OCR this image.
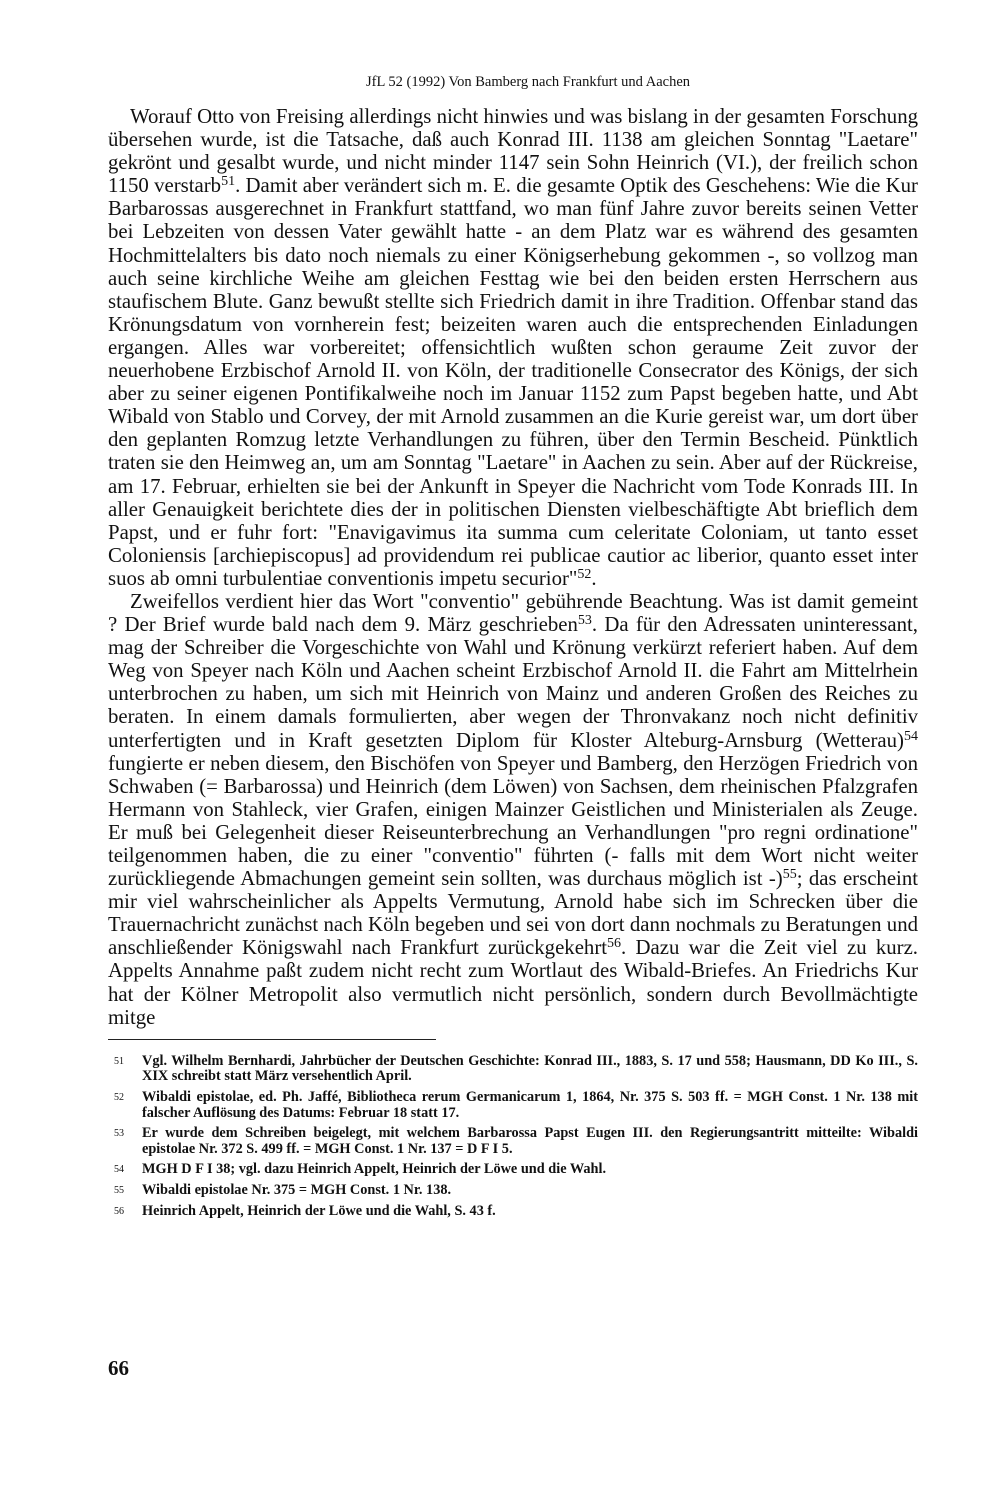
JfL 52 (1992) Von Bamberg nach Frankfurt und Aachen

Worauf Otto von Freising allerdings nicht hinwies und was bislang in der gesamten Forschung übersehen wurde, ist die Tatsache, daß auch Konrad III. 1138 am gleichen Sonntag "Laetare" gekrönt und gesalbt wurde, und nicht minder 1147 sein Sohn Heinrich (VI.), der freilich schon 1150 verstarb$^{51}$. Damit aber verändert sich m. E. die gesamte Optik des Geschehens: Wie die Kur Barbarossas ausgerechnet in Frankfurt stattfand, wo man fünf Jahre zuvor bereits seinen Vetter bei Lebzeiten von dessen Vater gewählt hatte - an dem Platz war es während des gesamten Hochmittelalters bis dato noch niemals zu einer Königserhebung gekommen -, so vollzog man auch seine kirchliche Weihe am gleichen Festtag wie bei den beiden ersten Herrschern aus staufischem Blute. Ganz bewußt stellte sich Friedrich damit in ihre Tradition. Offenbar stand das Krönungsdatum von vornherein fest; beizeiten waren auch die entsprechenden Einladungen ergangen. Alles war vorbereitet; offensichtlich wußten schon geraume Zeit zuvor der neuerhobene Erzbischof Arnold II. von Köln, der traditionelle Consecrator des Königs, der sich aber zu seiner eigenen Pontifikalweihe noch im Januar 1152 zum Papst begeben hatte, und Abt Wibald von Stablo und Corvey, der mit Arnold zusammen an die Kurie gereist war, um dort über den geplanten Romzug letzte Verhandlungen zu führen, über den Termin Bescheid. Pünktlich traten sie den Heimweg an, um am Sonntag "Laetare" in Aachen zu sein. Aber auf der Rückreise, am 17. Februar, erhielten sie bei der Ankunft in Speyer die Nachricht vom Tode Konrads III. In aller Genauigkeit berichtete dies der in politischen Diensten vielbeschäftigte Abt brieflich dem Papst, und er fuhr fort: "Enavigavimus ita summa cum celeritate Coloniam, ut tanto esset Coloniensis [archiepiscopus] ad providendum rei publicae cautior ac liberior, quanto esset inter suos ab omni turbulentiae conventionis impetu securior"$^{52}$.

Zweifellos verdient hier das Wort "conventio" gebührende Beachtung. Was ist damit gemeint ? Der Brief wurde bald nach dem 9. März geschrieben$^{53}$. Da für den Adressaten uninteressant, mag der Schreiber die Vorgeschichte von Wahl und Krönung verkürzt referiert haben. Auf dem Weg von Speyer nach Köln und Aachen scheint Erzbischof Arnold II. die Fahrt am Mittelrhein unterbrochen zu haben, um sich mit Heinrich von Mainz und anderen Großen des Reiches zu beraten. In einem damals formulierten, aber wegen der Thronvakanz noch nicht definitiv unterfertigten und in Kraft gesetzten Diplom für Kloster Alteburg-Arnsburg (Wetterau)$^{54}$ fungierte er neben diesem, den Bischöfen von Speyer und Bamberg, den Herzögen Friedrich von Schwaben (= Barbarossa) und Heinrich (dem Löwen) von Sachsen, dem rheinischen Pfalzgrafen Hermann von Stahleck, vier Grafen, einigen Mainzer Geistlichen und Ministerialen als Zeuge. Er muß bei Gelegenheit dieser Reiseunterbrechung an Verhandlungen "pro regni ordinatione" teilgenommen haben, die zu einer "conventio" führten (- falls mit dem Wort nicht weiter zurückliegende Abmachungen gemeint sein sollten, was durchaus möglich ist -)$^{55}$; das erscheint mir viel wahrscheinlicher als Appelts Vermutung, Arnold habe sich im Schrecken über die Trauernachricht zunächst nach Köln begeben und sei von dort dann nochmals zu Beratungen und anschließender Königswahl nach Frankfurt zurückgekehrt$^{56}$. Dazu war die Zeit viel zu kurz. Appelts Annahme paßt zudem nicht recht zum Wortlaut des Wibald-Briefes. An Friedrichs Kur hat der Kölner Metropolit also vermutlich nicht persönlich, sondern durch Bevollmächtigte mitge

51	Vgl. Wilhelm Bernhardi, Jahrbücher der Deutschen Geschichte: Konrad III., 1883, S. 17 und 558; Hausmann, DD Ko III., S. XIX schreibt statt März versehentlich April.
52	Wibaldi epistolae, ed. Ph. Jaffé, Bibliotheca rerum Germanicarum 1, 1864, Nr. 375 S. 503 ff. = MGH Const. 1 Nr. 138 mit falscher Auflösung des Datums: Februar 18 statt 17.
53	Er wurde dem Schreiben beigelegt, mit welchem Barbarossa Papst Eugen III. den Regierungsantritt mitteilte: Wibaldi epistolae Nr. 372 S. 499 ff. = MGH Const. 1 Nr. 137 = D F I 5.
54	MGH D F I 38; vgl. dazu Heinrich Appelt, Heinrich der Löwe und die Wahl.
55	Wibaldi epistolae Nr. 375 = MGH Const. 1 Nr. 138.
56	Heinrich Appelt, Heinrich der Löwe und die Wahl, S. 43 f.
66
